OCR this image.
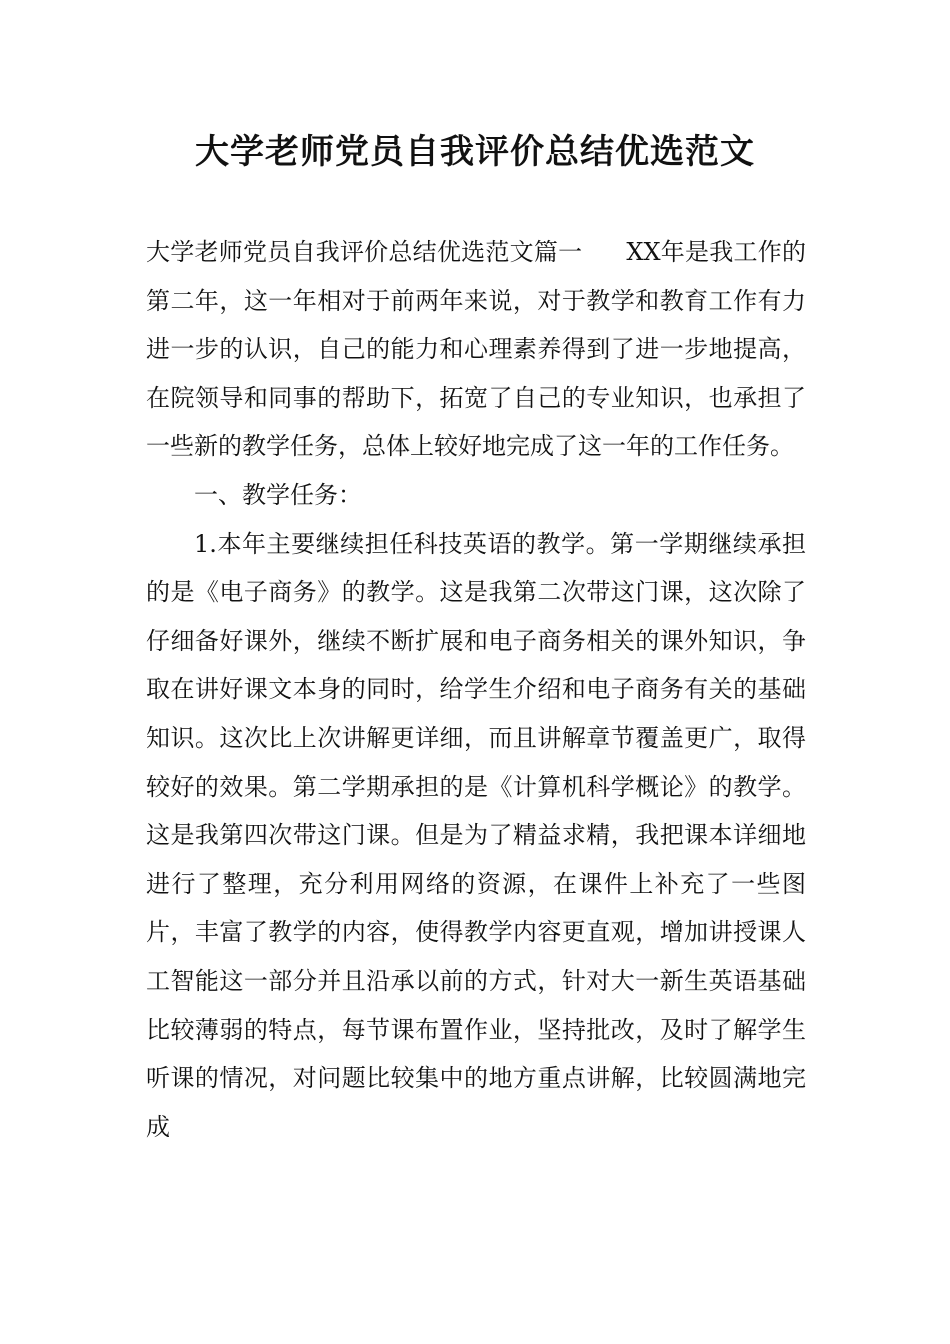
大学老师党员自我评价总结优选范文

大学老师党员自我评价总结优选范文篇一 XX年是我工作的第二年，这一年相对于前两年来说，对于教学和教育工作有力进一步的认识，自己的能力和心理素养得到了进一步地提高，在院领导和同事的帮助下，拓宽了自己的专业知识，也承担了一些新的教学任务，总体上较好地完成了这一年的工作任务。

一、教学任务：

1.本年主要继续担任科技英语的教学。第一学期继续承担的是《电子商务》的教学。这是我第二次带这门课，这次除了仔细备好课外，继续不断扩展和电子商务相关的课外知识，争取在讲好课文本身的同时，给学生介绍和电子商务有关的基础知识。这次比上次讲解更详细，而且讲解章节覆盖更广，取得较好的效果。第二学期承担的是《计算机科学概论》的教学。这是我第四次带这门课。但是为了精益求精，我把课本详细地进行了整理，充分利用网络的资源，在课件上补充了一些图片，丰富了教学的内容，使得教学内容更直观，增加讲授课人工智能这一部分并且沿承以前的方式，针对大一新生英语基础比较薄弱的特点，每节课布置作业，坚持批改，及时了解学生听课的情况，对问题比较集中的地方重点讲解，比较圆满地完成
